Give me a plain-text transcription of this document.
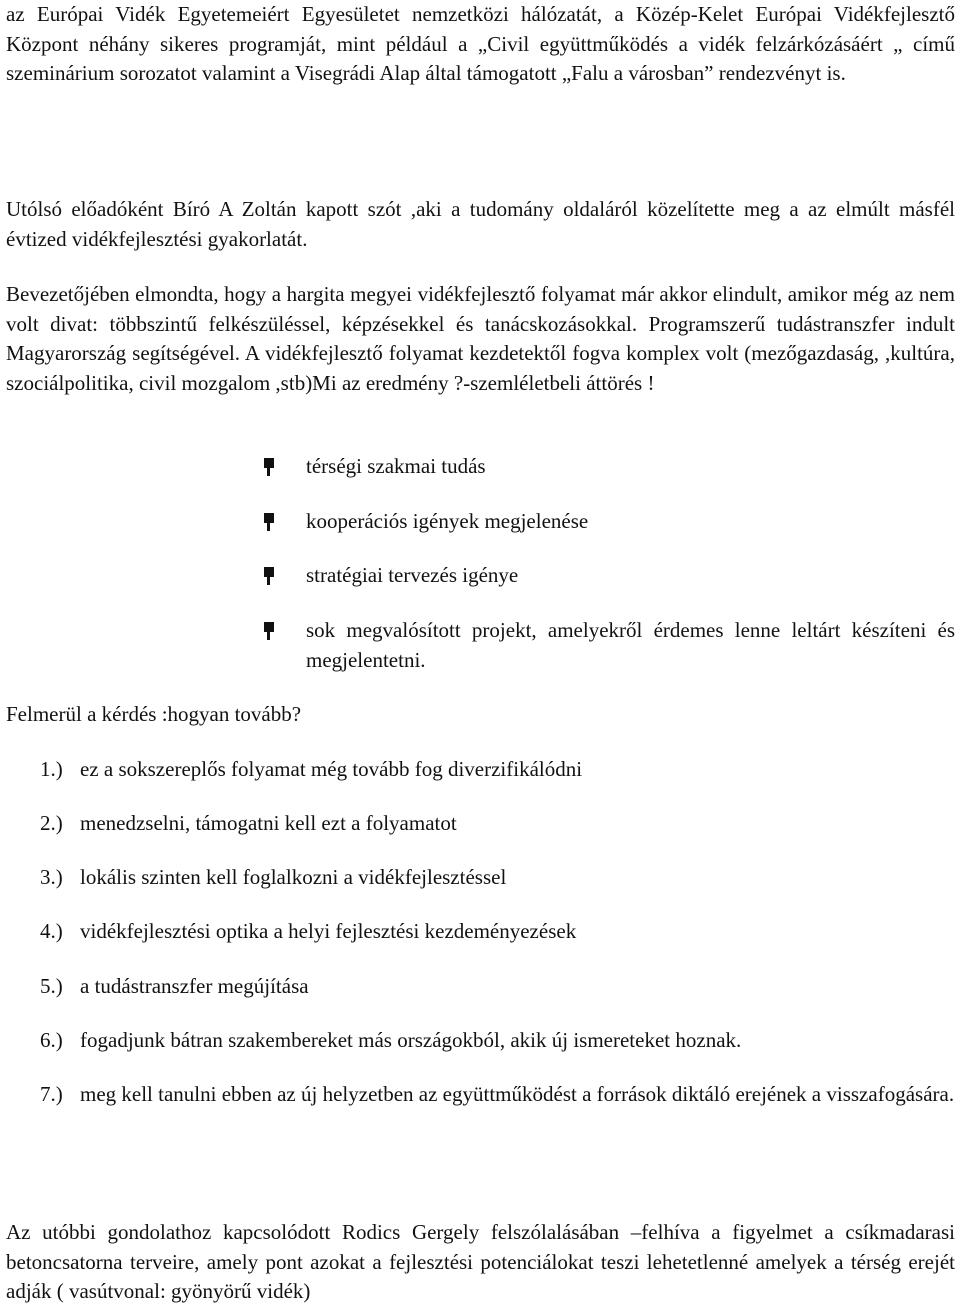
az Európai Vidék Egyetemeiért Egyesületet nemzetközi hálózatát, a Közép-Kelet Európai Vidékfejlesztő Központ néhány sikeres programját, mint például a „Civil együttműködés a vidék felzárkózásáért „ című szeminárium sorozatot valamint a Visegrádi Alap által támogatott „Falu a városban” rendezvényt is.

Utólsó előadóként Bíró A Zoltán kapott szót ,aki a tudomány oldaláról közelítette meg a az elmúlt másfél évtized vidékfejlesztési gyakorlatát.

Bevezetőjében elmondta, hogy a hargita megyei vidékfejlesztő folyamat már akkor elindult, amikor még az nem volt divat: többszintű felkészüléssel, képzésekkel és tanácskozásokkal. Programszerű tudástranszfer indult Magyarország segítségével. A vidékfejlesztő folyamat kezdetektől fogva komplex volt (mezőgazdaság, ,kultúra, szociálpolitika, civil mozgalom ,stb)Mi az eredmény ?-szemléletbeli áttörés !

térségi szakmai tudás
kooperációs igények megjelenése
stratégiai tervezés igénye
sok megvalósított projekt, amelyekről érdemes lenne leltárt készíteni és megjelentetni.

Felmerül a kérdés :hogyan tovább?

1.) ez a sokszereplős folyamat még tovább fog diverzifikálódni
2.) menedzselni, támogatni kell ezt a folyamatot
3.) lokális szinten kell foglalkozni a vidékfejlesztéssel
4.) vidékfejlesztési optika a helyi fejlesztési kezdeményezések
5.) a tudástranszfer megújítása
6.) fogadjunk bátran szakembereket más országokból, akik új ismereteket hoznak.
7.) meg kell tanulni ebben az új helyzetben az együttműködést a források diktáló erejének a visszafogására.

Az utóbbi gondolathoz kapcsolódott Rodics Gergely felszólalásában –felhíva a figyelmet a csíkmadarasi betoncsatorna terveire, amely pont azokat a fejlesztési potenciálokat teszi lehetetlenné amelyek a térség erejét adják ( vasútvonal: gyönyörű vidék)
